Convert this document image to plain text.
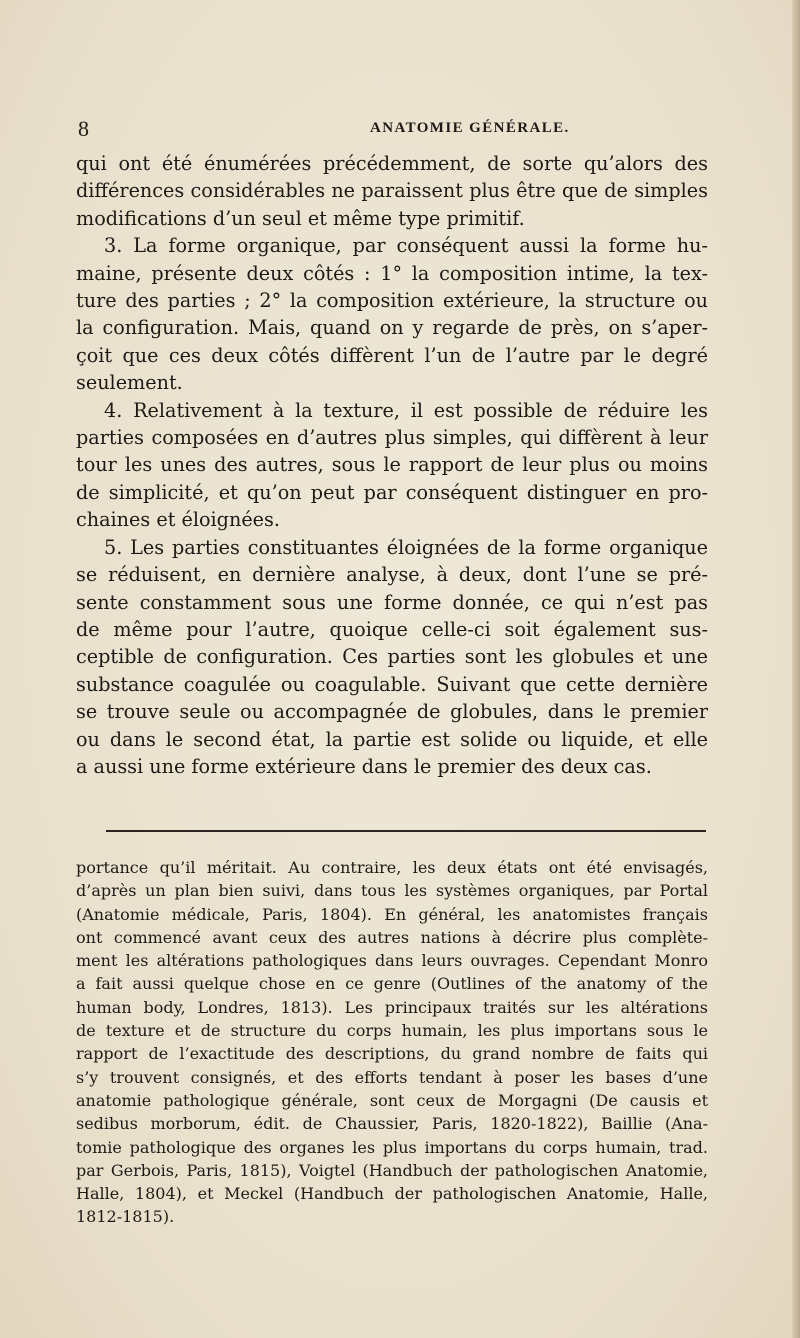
8	ANATOMIE GÉNÉRALE.
qui ont été énumérées précédemment, de sorte qu’alors des
différences considérables ne paraissent plus être que de simples
modifications d’un seul et même type primitif.
3. La forme organique, par conséquent aussi la forme hu-
maine, présente deux côtés : 1° la composition intime, la tex-
ture des parties ; 2° la composition extérieure, la structure ou
la configuration. Mais, quand on y regarde de près, on s’aper-
çoit que ces deux côtés diffèrent l’un de l’autre par le degré
seulement.
4. Relativement à la texture, il est possible de réduire les
parties composées en d’autres plus simples, qui diffèrent à leur
tour les unes des autres, sous le rapport de leur plus ou moins
de simplicité, et qu’on peut par conséquent distinguer en pro-
chaines et éloignées.
5. Les parties constituantes éloignées de la forme organique
se réduisent, en dernière analyse, à deux, dont l’une se pré-
sente constamment sous une forme donnée, ce qui n’est pas
de même pour l’autre, quoique celle-ci soit également sus-
ceptible de configuration. Ces parties sont les globules et une
substance coagulée ou coagulable. Suivant que cette dernière
se trouve seule ou accompagnée de globules, dans le premier
ou dans le second état, la partie est solide ou liquide, et elle
a aussi une forme extérieure dans le premier des deux cas.
portance qu’il méritait. Au contraire, les deux états ont été envisagés,
d’après un plan bien suivi, dans tous les systèmes organiques, par Portal
(Anatomie médicale, Paris, 1804). En général, les anatomistes français
ont commencé avant ceux des autres nations à décrire plus complète-
ment les altérations pathologiques dans leurs ouvrages. Cependant Monro
a fait aussi quelque chose en ce genre (Outlines of the anatomy of the
human body, Londres, 1813). Les principaux traités sur les altérations
de texture et de structure du corps humain, les plus importans sous le
rapport de l’exactitude des descriptions, du grand nombre de faits qui
s’y trouvent consignés, et des efforts tendant à poser les bases d’une
anatomie pathologique générale, sont ceux de Morgagni (De causis et
sedibus morborum, édit. de Chaussier, Paris, 1820-1822), Baillie (Ana-
tomie pathologique des organes les plus importans du corps humain, trad.
par Gerbois, Paris, 1815), Voigtel (Handbuch der pathologischen Anatomie,
Halle, 1804), et Meckel (Handbuch der pathologischen Anatomie, Halle,
1812-1815).
